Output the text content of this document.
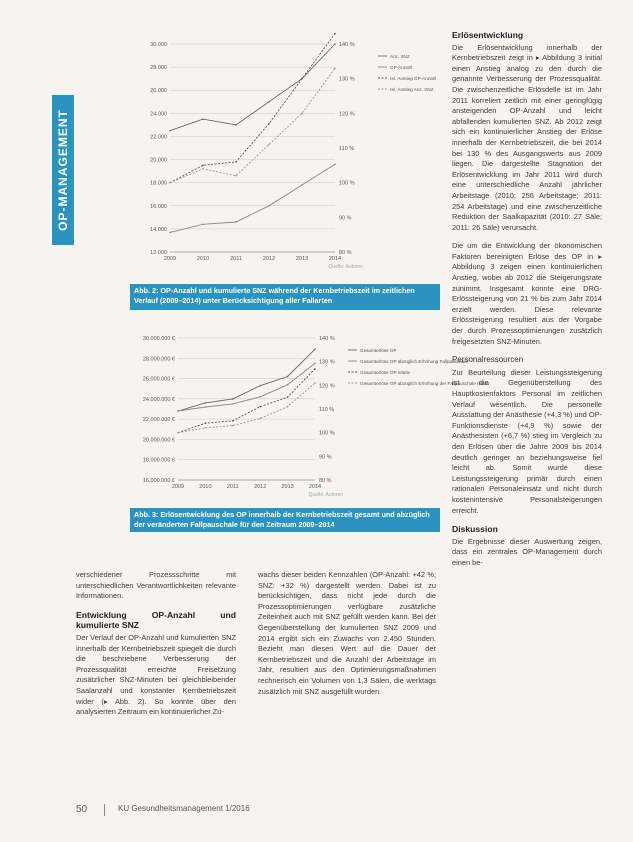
OP-MANAGEMENT
30.000
28.000
26.000
24.000
22.000
20.000
18.000
16.000
14.000
12.000
140 %
130 %
120 %
110 %
100 %
90 %
80 %
2009	2010	2011	2012	2013	2014
Anz. SNZ
OP-Anzahl
rel. Anstieg OP-Anzahl
rel. Anstieg Anz. SNZ
Quelle: Autoren
Abb. 2: OP-Anzahl und kumulierte SNZ während der Kernbetriebszeit im zeitlichen Verlauf (2009–2014) unter Berücksichtigung aller Fallarten
30.000.000 €
28.000.000 €
26.000.000 €
24.000.000 €
22.000.000 €
20.000.000 €
18.000.000 €
16.000.000 €
140 %
130 %
120 %
110 %
100 %
90 %
80 %
2009	2010	2011	2012	2013	2014
Gesamterlöse OP
Gesamterlöse OP abzüglich Erhöhung Fallpauschale
Gesamterlöse OP relativ
Gesamterlöse OP abzüglich Erhöhung der Fallpauschale relativ
Quelle: Autoren
Abb. 3: Erlösentwicklung des OP innerhalb der Kernbetriebszeit gesamt und abzüglich der veränderten Fallpauschale für den Zeitraum 2009–2014

verschiedener Prozessschritte mit unterschiedlichen Verantwortlichkeiten relevante Informationen.

Entwicklung OP-Anzahl und kumulierte SNZ

Der Verlauf der OP-Anzahl und kumulierten SNZ innerhalb der Kernbetriebszeit spiegelt die durch die beschriebene Verbesserung der Prozessqualität erreichte Freisetzung zusätzlicher SNZ-Minuten bei gleichbleibender Saalanzahl und konstanter Kernbetriebszeit wider (▸ Abb. 2). So konnte über den analysierten Zeitraum ein kontinuierlicher Zu-

wachs dieser beiden Kennzahlen (OP-Anzahl: +42 %; SNZ: +32 %) dargestellt werden. Dabei ist zu berücksichtigen, dass nicht jede durch die Prozessoptimierungen verfügbare zusätzliche Zeiteinheit auch mit SNZ gefüllt werden kann. Bei der Gegenüberstellung der kumulierten SNZ 2009 und 2014 ergibt sich ein Zuwachs von 2.450 Stunden. Bezieht man diesen Wert auf die Dauer der Kernbetriebszeit und die Anzahl der Arbeitstage im Jahr, resultiert aus den Optimierungsmaßnahmen rechnerisch ein Volumen von 1,3 Sälen, die werktags zusätzlich mit SNZ ausgefüllt wurden.

Erlösentwicklung

Die Erlösentwicklung innerhalb der Kernbetriebszeit zeigt in ▸ Abbildung 3 initial einen Anstieg analog zu den durch die genannte Verbesserung der Prozessqualität. Die zwischenzeitliche Erlösdelle ist im Jahr 2011 korreliert zeitlich mit einer geringfügig ansteigenden OP-Anzahl und leicht abfallenden kumulierten SNZ. Ab 2012 zeigt sich ein kontinuierlicher Anstieg der Erlöse innerhalb der Kernbetriebszeit, die bei 2014 bei 130 % des Ausgangswerts aus 2009 liegen. Die dargestellte Stagnation der Erlösentwicklung im Jahr 2011 wird durch eine unterschiedliche Anzahl jährlicher Arbeitstage (2010: 256 Arbeitstage; 2011: 254 Arbeitstage) und eine zwischenzeitliche Reduktion der Saalkapazität (2010: 27 Säle; 2011: 26 Säle) verursacht.

Die um die Entwicklung der ökonomischen Faktoren bereinigten Erlöse des OP in ▸ Abbildung 3 zeigen einen kontinuierlichen Anstieg, wobei ab 2012 die Steigerungsrate zunimmt. Insgesamt konnte eine DRG-Erlössteigerung von 21 % bis zum Jahr 2014 erzielt werden. Diese relevante Erlössteigerung resultiert aus der Vorgabe der durch Prozessoptimierungen zusätzlich freigesetzten SNZ-Minuten.

Personalressourcen

Zur Beurteilung dieser Leistungssteigerung ist die Gegenüberstellung des Hauptkostenfaktors Personal im zeitlichen Verlauf wesentlich. Die personelle Ausstattung der Anästhesie (+4,3 %) und OP-Funktionsdienste (+4,9 %) sowie der Anästhesisten (+6,7 %) stieg im Vergleich zu den Erlösen über die Jahre 2009 bis 2014 deutlich geringer an beziehungsweise fiel leicht ab. Somit wurde diese Leistungssteigerung primär durch einen rationalen Personaleinsatz und nicht durch kostenintensive Personalsteigerungen erreicht.

Diskussion

Die Ergebnisse dieser Auswertung zeigen, dass ein zentrales OP-Management durch einen be-

50	KU Gesundheitsmanagement 1/2016
